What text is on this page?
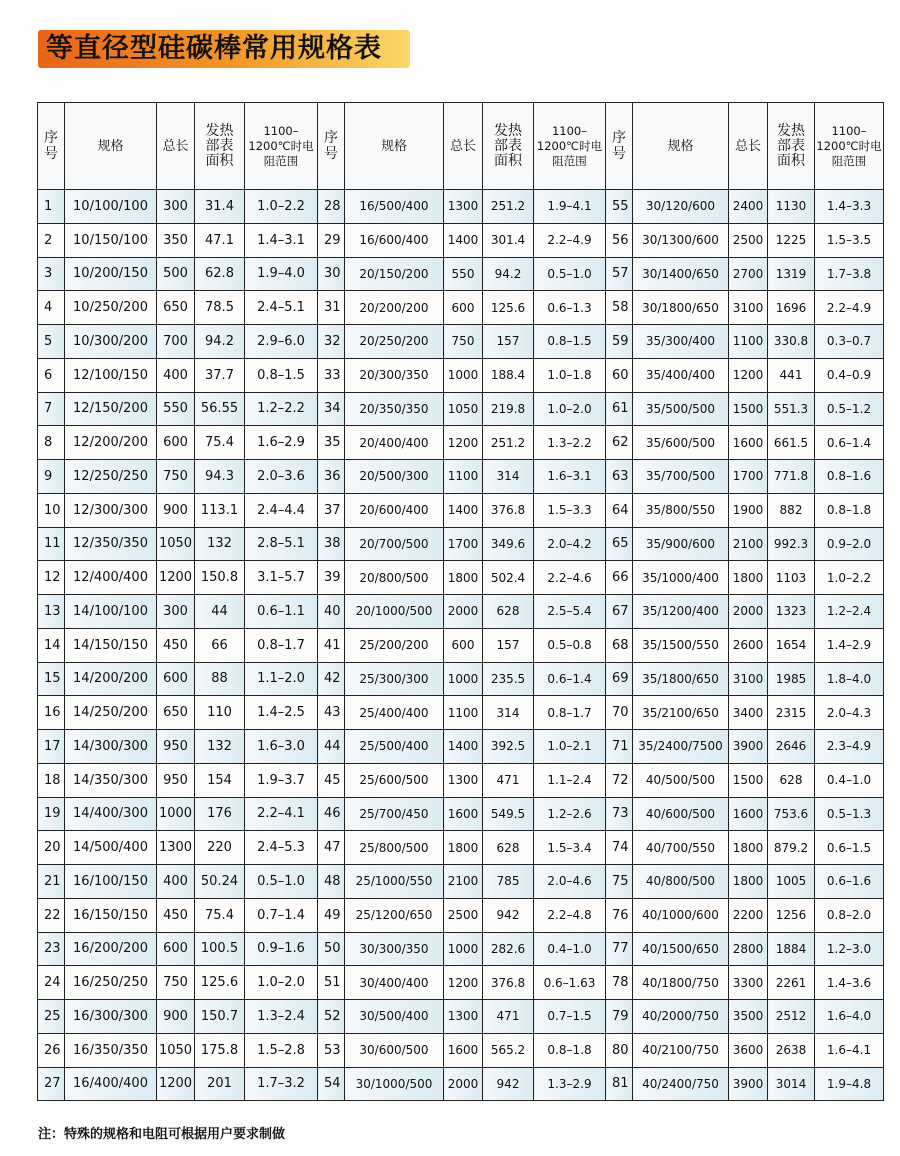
等直径型硅碳棒常用规格表
序号	规格	总长	发热部表面积	1100–1200℃时电阻范围	序号	规格	总长	发热部表面积	1100–1200℃时电阻范围	序号	规格	总长	发热部表面积	1100–1200℃时电阻范围
1	10/100/100	300	31.4	1.0–2.2	28	16/500/400	1300	251.2	1.9–4.1	55	30/120/600	2400	1130	1.4–3.3
2	10/150/100	350	47.1	1.4–3.1	29	16/600/400	1400	301.4	2.2–4.9	56	30/1300/600	2500	1225	1.5–3.5
3	10/200/150	500	62.8	1.9–4.0	30	20/150/200	550	94.2	0.5–1.0	57	30/1400/650	2700	1319	1.7–3.8
4	10/250/200	650	78.5	2.4–5.1	31	20/200/200	600	125.6	0.6–1.3	58	30/1800/650	3100	1696	2.2–4.9
5	10/300/200	700	94.2	2.9–6.0	32	20/250/200	750	157	0.8–1.5	59	35/300/400	1100	330.8	0.3–0.7
6	12/100/150	400	37.7	0.8–1.5	33	20/300/350	1000	188.4	1.0–1.8	60	35/400/400	1200	441	0.4–0.9
7	12/150/200	550	56.55	1.2–2.2	34	20/350/350	1050	219.8	1.0–2.0	61	35/500/500	1500	551.3	0.5–1.2
8	12/200/200	600	75.4	1.6–2.9	35	20/400/400	1200	251.2	1.3–2.2	62	35/600/500	1600	661.5	0.6–1.4
9	12/250/250	750	94.3	2.0–3.6	36	20/500/300	1100	314	1.6–3.1	63	35/700/500	1700	771.8	0.8–1.6
10	12/300/300	900	113.1	2.4–4.4	37	20/600/400	1400	376.8	1.5–3.3	64	35/800/550	1900	882	0.8–1.8
11	12/350/350	1050	132	2.8–5.1	38	20/700/500	1700	349.6	2.0–4.2	65	35/900/600	2100	992.3	0.9–2.0
12	12/400/400	1200	150.8	3.1–5.7	39	20/800/500	1800	502.4	2.2–4.6	66	35/1000/400	1800	1103	1.0–2.2
13	14/100/100	300	44	0.6–1.1	40	20/1000/500	2000	628	2.5–5.4	67	35/1200/400	2000	1323	1.2–2.4
14	14/150/150	450	66	0.8–1.7	41	25/200/200	600	157	0.5–0.8	68	35/1500/550	2600	1654	1.4–2.9
15	14/200/200	600	88	1.1–2.0	42	25/300/300	1000	235.5	0.6–1.4	69	35/1800/650	3100	1985	1.8–4.0
16	14/250/200	650	110	1.4–2.5	43	25/400/400	1100	314	0.8–1.7	70	35/2100/650	3400	2315	2.0–4.3
17	14/300/300	950	132	1.6–3.0	44	25/500/400	1400	392.5	1.0–2.1	71	35/2400/7500	3900	2646	2.3–4.9
18	14/350/300	950	154	1.9–3.7	45	25/600/500	1300	471	1.1–2.4	72	40/500/500	1500	628	0.4–1.0
19	14/400/300	1000	176	2.2–4.1	46	25/700/450	1600	549.5	1.2–2.6	73	40/600/500	1600	753.6	0.5–1.3
20	14/500/400	1300	220	2.4–5.3	47	25/800/500	1800	628	1.5–3.4	74	40/700/550	1800	879.2	0.6–1.5
21	16/100/150	400	50.24	0.5–1.0	48	25/1000/550	2100	785	2.0–4.6	75	40/800/500	1800	1005	0.6–1.6
22	16/150/150	450	75.4	0.7–1.4	49	25/1200/650	2500	942	2.2–4.8	76	40/1000/600	2200	1256	0.8–2.0
23	16/200/200	600	100.5	0.9–1.6	50	30/300/350	1000	282.6	0.4–1.0	77	40/1500/650	2800	1884	1.2–3.0
24	16/250/250	750	125.6	1.0–2.0	51	30/400/400	1200	376.8	0.6–1.63	78	40/1800/750	3300	2261	1.4–3.6
25	16/300/300	900	150.7	1.3–2.4	52	30/500/400	1300	471	0.7–1.5	79	40/2000/750	3500	2512	1.6–4.0
26	16/350/350	1050	175.8	1.5–2.8	53	30/600/500	1600	565.2	0.8–1.8	80	40/2100/750	3600	2638	1.6–4.1
27	16/400/400	1200	201	1.7–3.2	54	30/1000/500	2000	942	1.3–2.9	81	40/2400/750	3900	3014	1.9–4.8
注：特殊的规格和电阻可根据用户要求制做
